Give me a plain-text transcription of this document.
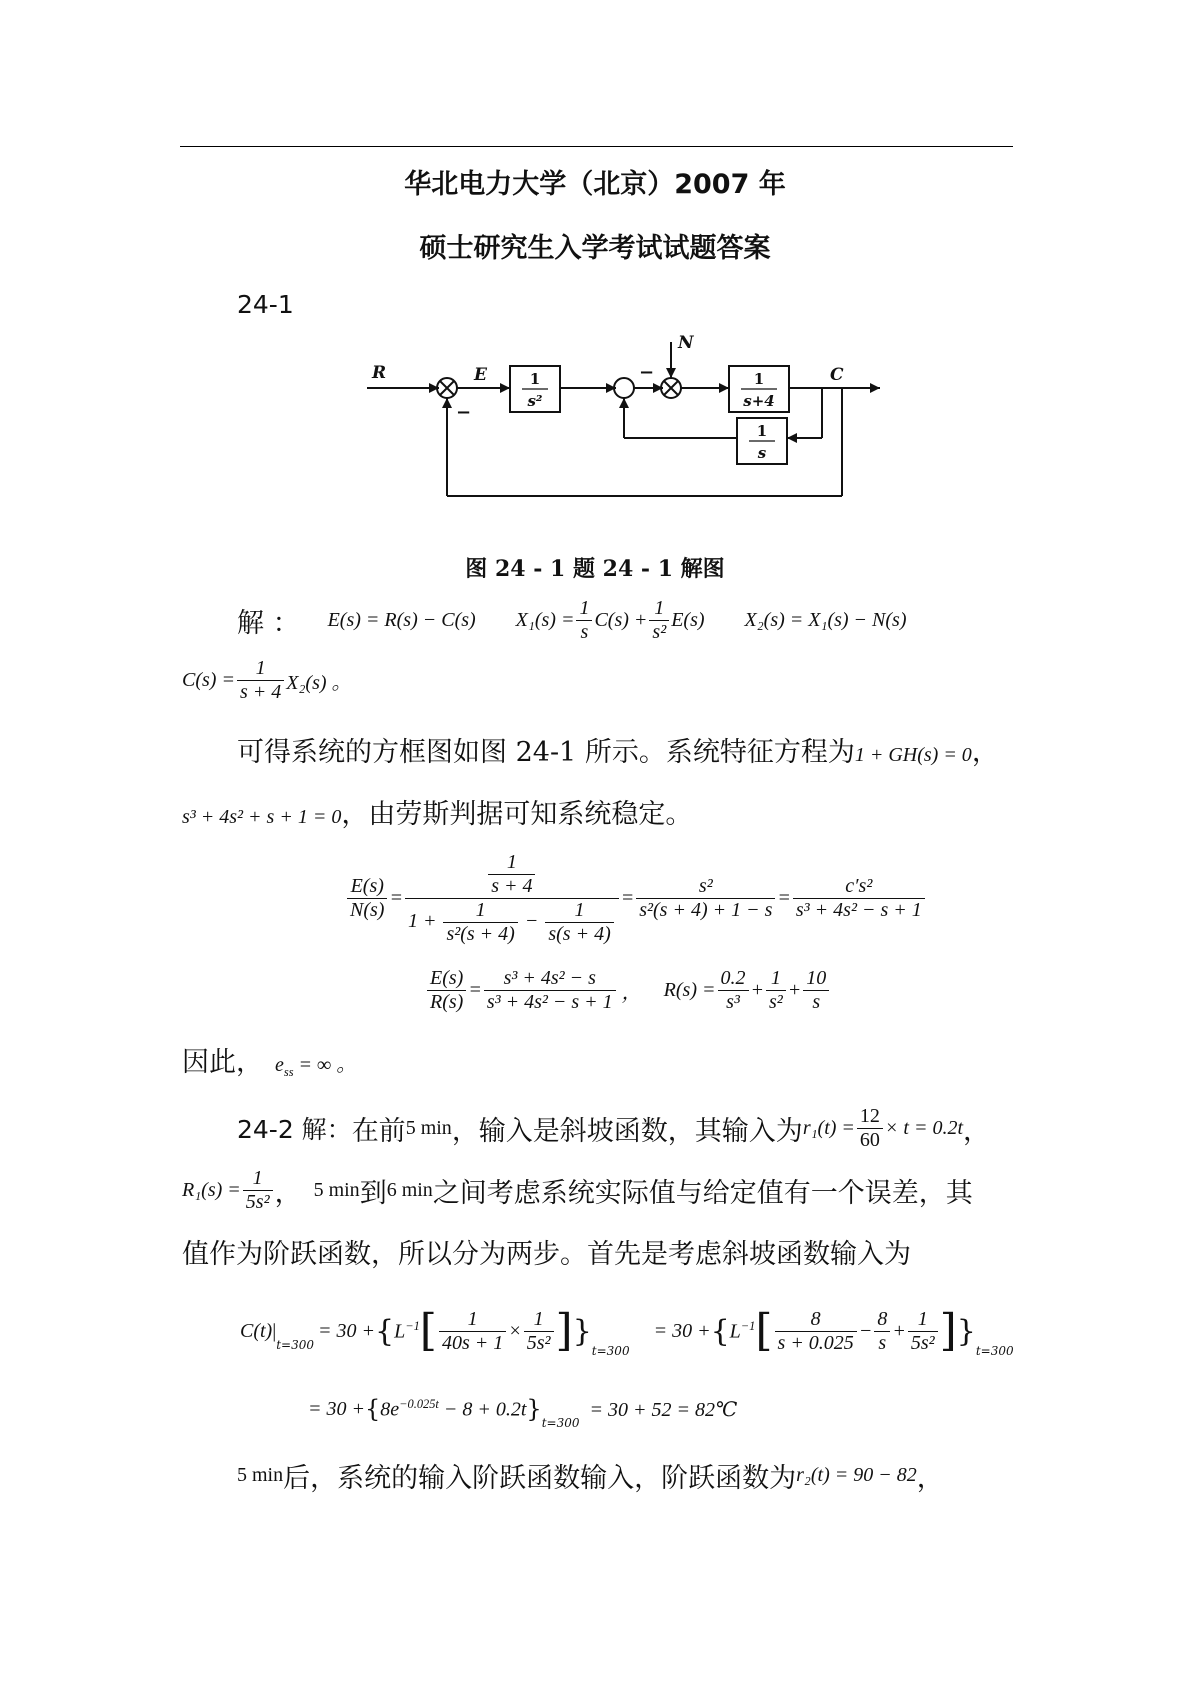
华北电力大学（北京）2007 年
硕士研究生入学考试试题答案
24-1
R	E
N
C
−
−
1
s²
1
s+4
1
s
图 24 - 1 题 24 - 1 解图
解 ： E(s) = R(s) − C(s) $X_1(s) = \frac{1}{s} C(s) + \frac{1}{\text{s²}} E(s) X_2(s) = X_1(s) - N(s)$
$C(s) = \frac{1}{s + 4} X_2(s)$ 。
可得系统的方框图如图 24-1 所示。系统特征方程为 1 + GH(s) = 0 ，
s³ + 4s² + s + 1 = 0 ，由劳斯判据可知系统稳定。
$\frac{E(s)}{N(s)} = \frac{\frac{1}{s + 4}}{1 + \frac{1}{\text{s²(s + 4)}} - \frac{1}{s(s + 4)}} = \frac{\text{s²}}{\text{s²(s + 4) + 1 − s}} = \frac{\text{c′s²}}{\text{s³ + 4s² − s + 1}}$
$\frac{E(s)}{R(s)} = \frac{\text{s³ + 4s² − s}}{\text{s³ + 4s² − s + 1}}$ ， $R(s) = \frac{0.2}{\text{s³}} + \frac{1}{\text{s²}} + \frac{10}{s}$
因此， $e_{ss}$ = ∞ 。
24-2 解： 在前 5 min ，输入是斜坡函数，其输入为 $r_1(t) = \frac{12}{60} \times t = 0.2t$ ，
$R_1(s) = \frac{1}{\text{5s²}}$ ， 5 min 到 6 min 之间考虑系统实际值与给定值有一个误差，其
值作为阶跃函数，所以分为两步。首先是考虑斜坡函数输入为
C(t) |
$_{t=300}$
= 30 + { $L^{-1}$ [ $\frac{1}{40s + 1} \times \frac{1}{\text{5s²}}$ ] }
$_{t=300}$
= 30 + { $L^{-1}$ [	8
s + 0.025
− $\frac{8}{s} + \frac{1}{\text{5s²}}$ ] }
$_{t=300}$
= 30 + { $8e^{-0.025t} - 8 + 0.2t$ }$_{t=300}$
= 30 + 52 = 82℃
5 min 后，系统的输入阶跃函数输入，阶跃函数为 r₂(t) = 90 − 82 ，
